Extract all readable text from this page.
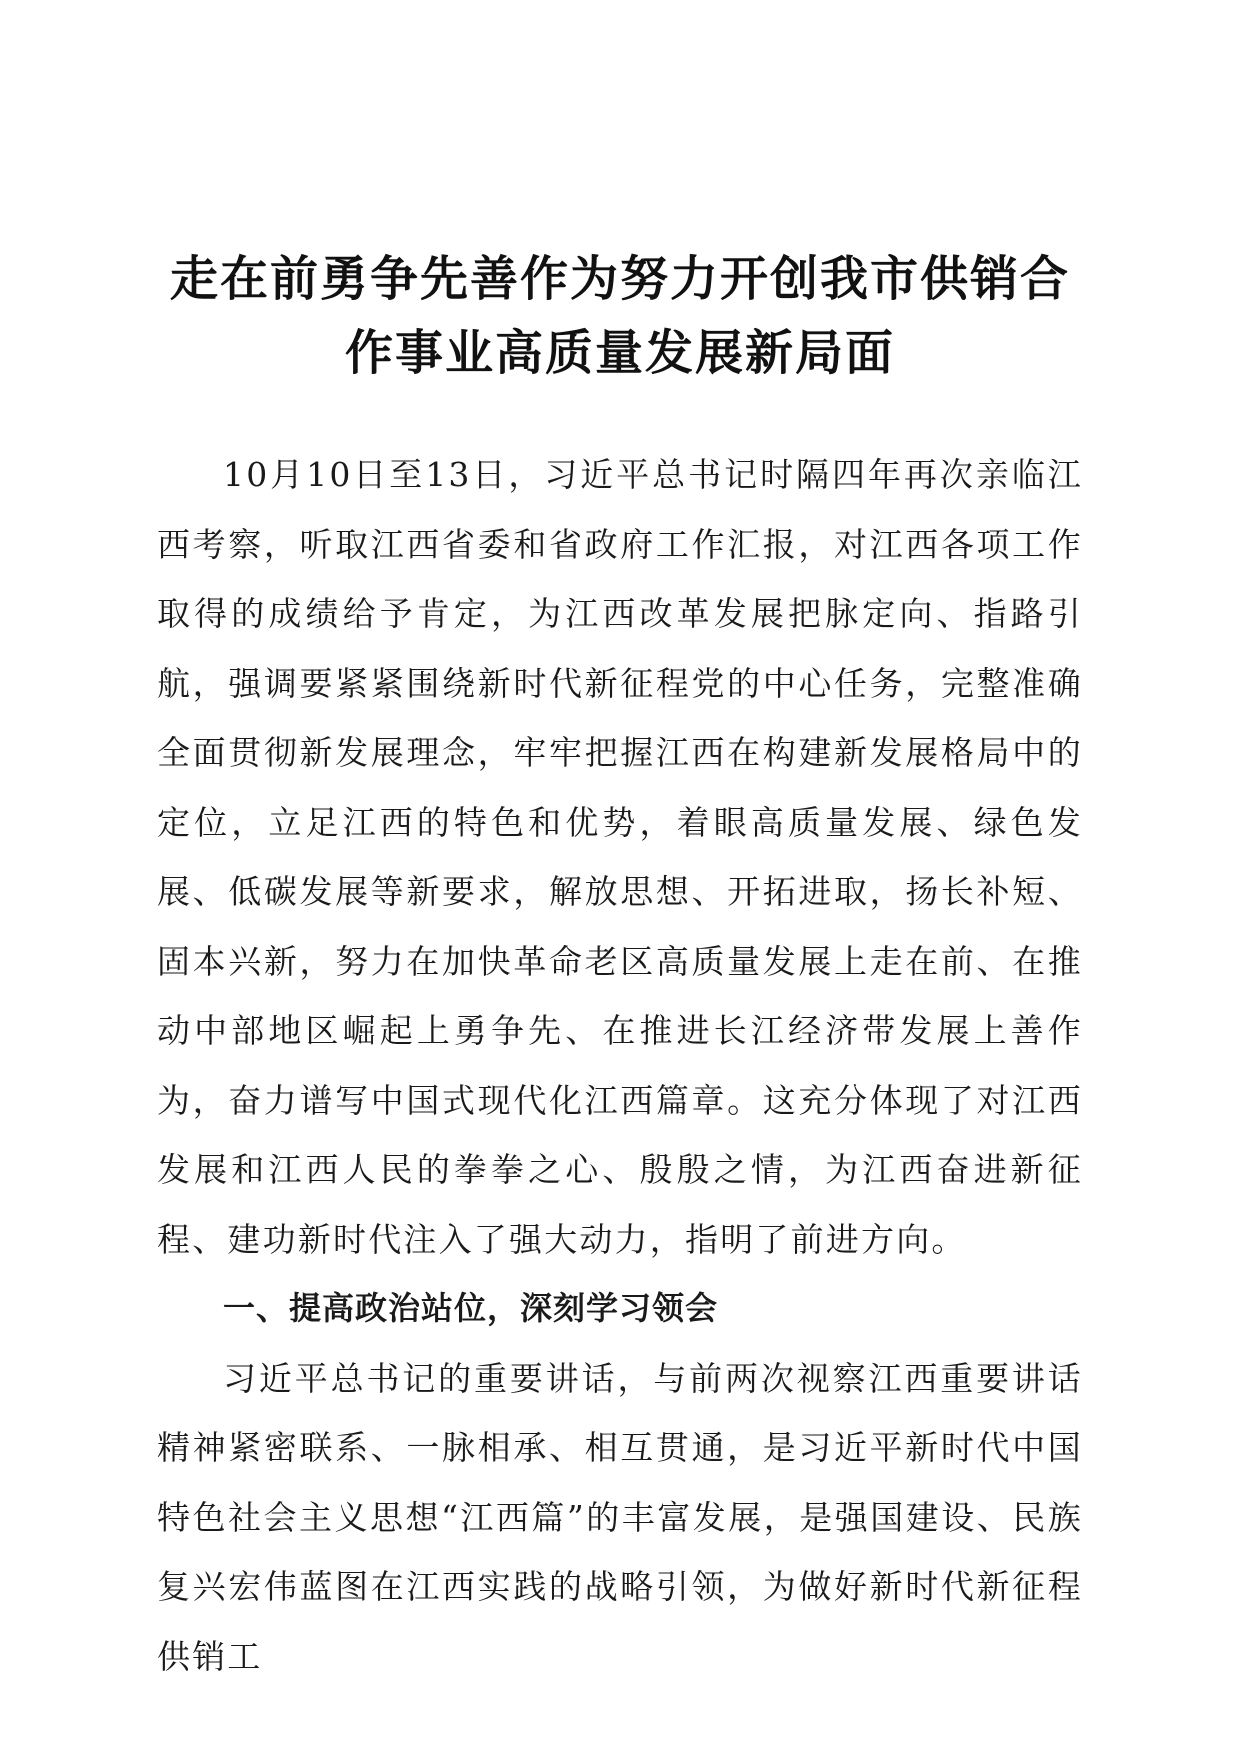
走在前勇争先善作为努力开创我市供销合作事业高质量发展新局面

10月10日至13日，习近平总书记时隔四年再次亲临江西考察，听取江西省委和省政府工作汇报，对江西各项工作取得的成绩给予肯定，为江西改革发展把脉定向、指路引航，强调要紧紧围绕新时代新征程党的中心任务，完整准确全面贯彻新发展理念，牢牢把握江西在构建新发展格局中的定位，立足江西的特色和优势，着眼高质量发展、绿色发展、低碳发展等新要求，解放思想、开拓进取，扬长补短、固本兴新，努力在加快革命老区高质量发展上走在前、在推动中部地区崛起上勇争先、在推进长江经济带发展上善作为，奋力谱写中国式现代化江西篇章。这充分体现了对江西发展和江西人民的拳拳之心、殷殷之情，为江西奋进新征程、建功新时代注入了强大动力，指明了前进方向。

一、提高政治站位，深刻学习领会

习近平总书记的重要讲话，与前两次视察江西重要讲话精神紧密联系、一脉相承、相互贯通，是习近平新时代中国特色社会主义思想“江西篇”的丰富发展，是强国建设、民族复兴宏伟蓝图在江西实践的战略引领，为做好新时代新征程供销工
